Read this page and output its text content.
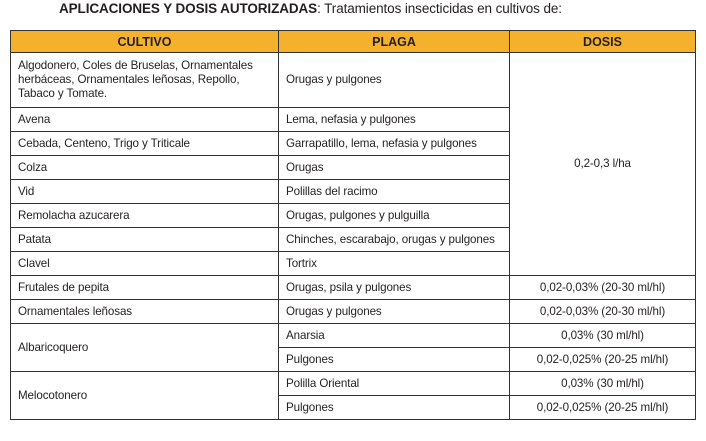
APLICACIONES Y DOSIS AUTORIZADAS: Tratamientos insecticidas en cultivos de:
CULTIVO	PLAGA	DOSIS
Algodonero, Coles de Bruselas, Ornamentales herbáceas, Ornamentales leñosas, Repollo, Tabaco y Tomate.	Orugas y pulgones	0,2-0,3 l/ha
Avena	Lema, nefasia y pulgones	
Cebada, Centeno, Trigo y Triticale	Garrapatillo, lema, nefasia y pulgones	
Colza	Orugas	
Vid	Polillas del racimo	
Remolacha azucarera	Orugas, pulgones y pulguilla	
Patata	Chinches, escarabajo, orugas y pulgones	
Clavel	Tortrix	
Frutales de pepita	Orugas, psila y pulgones	0,02-0,03% (20-30 ml/hl)
Ornamentales leñosas	Orugas y pulgones	0,02-0,03% (20-30 ml/hl)
Albaricoquero	Anarsia	0,03% (30 ml/hl)
	Pulgones	0,02-0,025% (20-25 ml/hl)
Melocotonero	Polilla Oriental	0,03% (30 ml/hl)
	Pulgones	0,02-0,025% (20-25 ml/hl)
